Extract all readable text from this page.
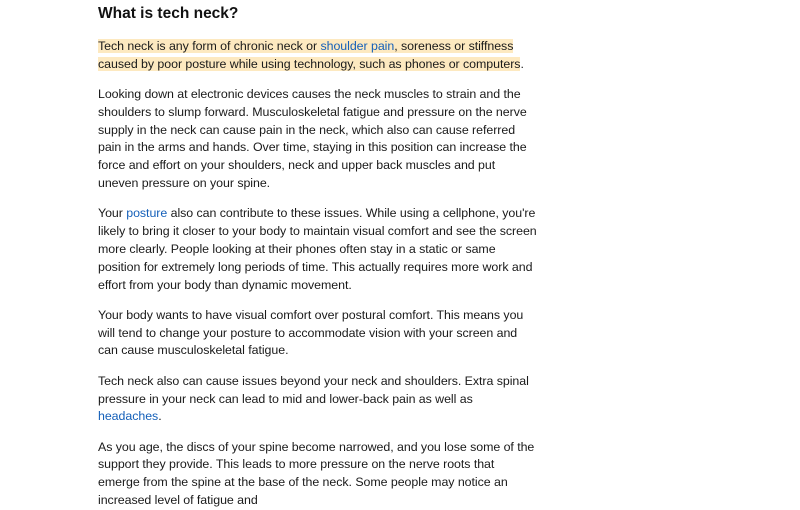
What is tech neck?

Tech neck is any form of chronic neck or shoulder pain, soreness or stiffness caused by poor posture while using technology, such as phones or computers.

Looking down at electronic devices causes the neck muscles to strain and the shoulders to slump forward. Musculoskeletal fatigue and pressure on the nerve supply in the neck can cause pain in the neck, which also can cause referred pain in the arms and hands. Over time, staying in this position can increase the force and effort on your shoulders, neck and upper back muscles and put uneven pressure on your spine.

Your posture also can contribute to these issues. While using a cellphone, you're likely to bring it closer to your body to maintain visual comfort and see the screen more clearly. People looking at their phones often stay in a static or same position for extremely long periods of time. This actually requires more work and effort from your body than dynamic movement.

Your body wants to have visual comfort over postural comfort. This means you will tend to change your posture to accommodate vision with your screen and can cause musculoskeletal fatigue.

Tech neck also can cause issues beyond your neck and shoulders. Extra spinal pressure in your neck can lead to mid and lower-back pain as well as headaches.

As you age, the discs of your spine become narrowed, and you lose some of the support they provide. This leads to more pressure on the nerve roots that emerge from the spine at the base of the neck. Some people may notice an increased level of fatigue and
